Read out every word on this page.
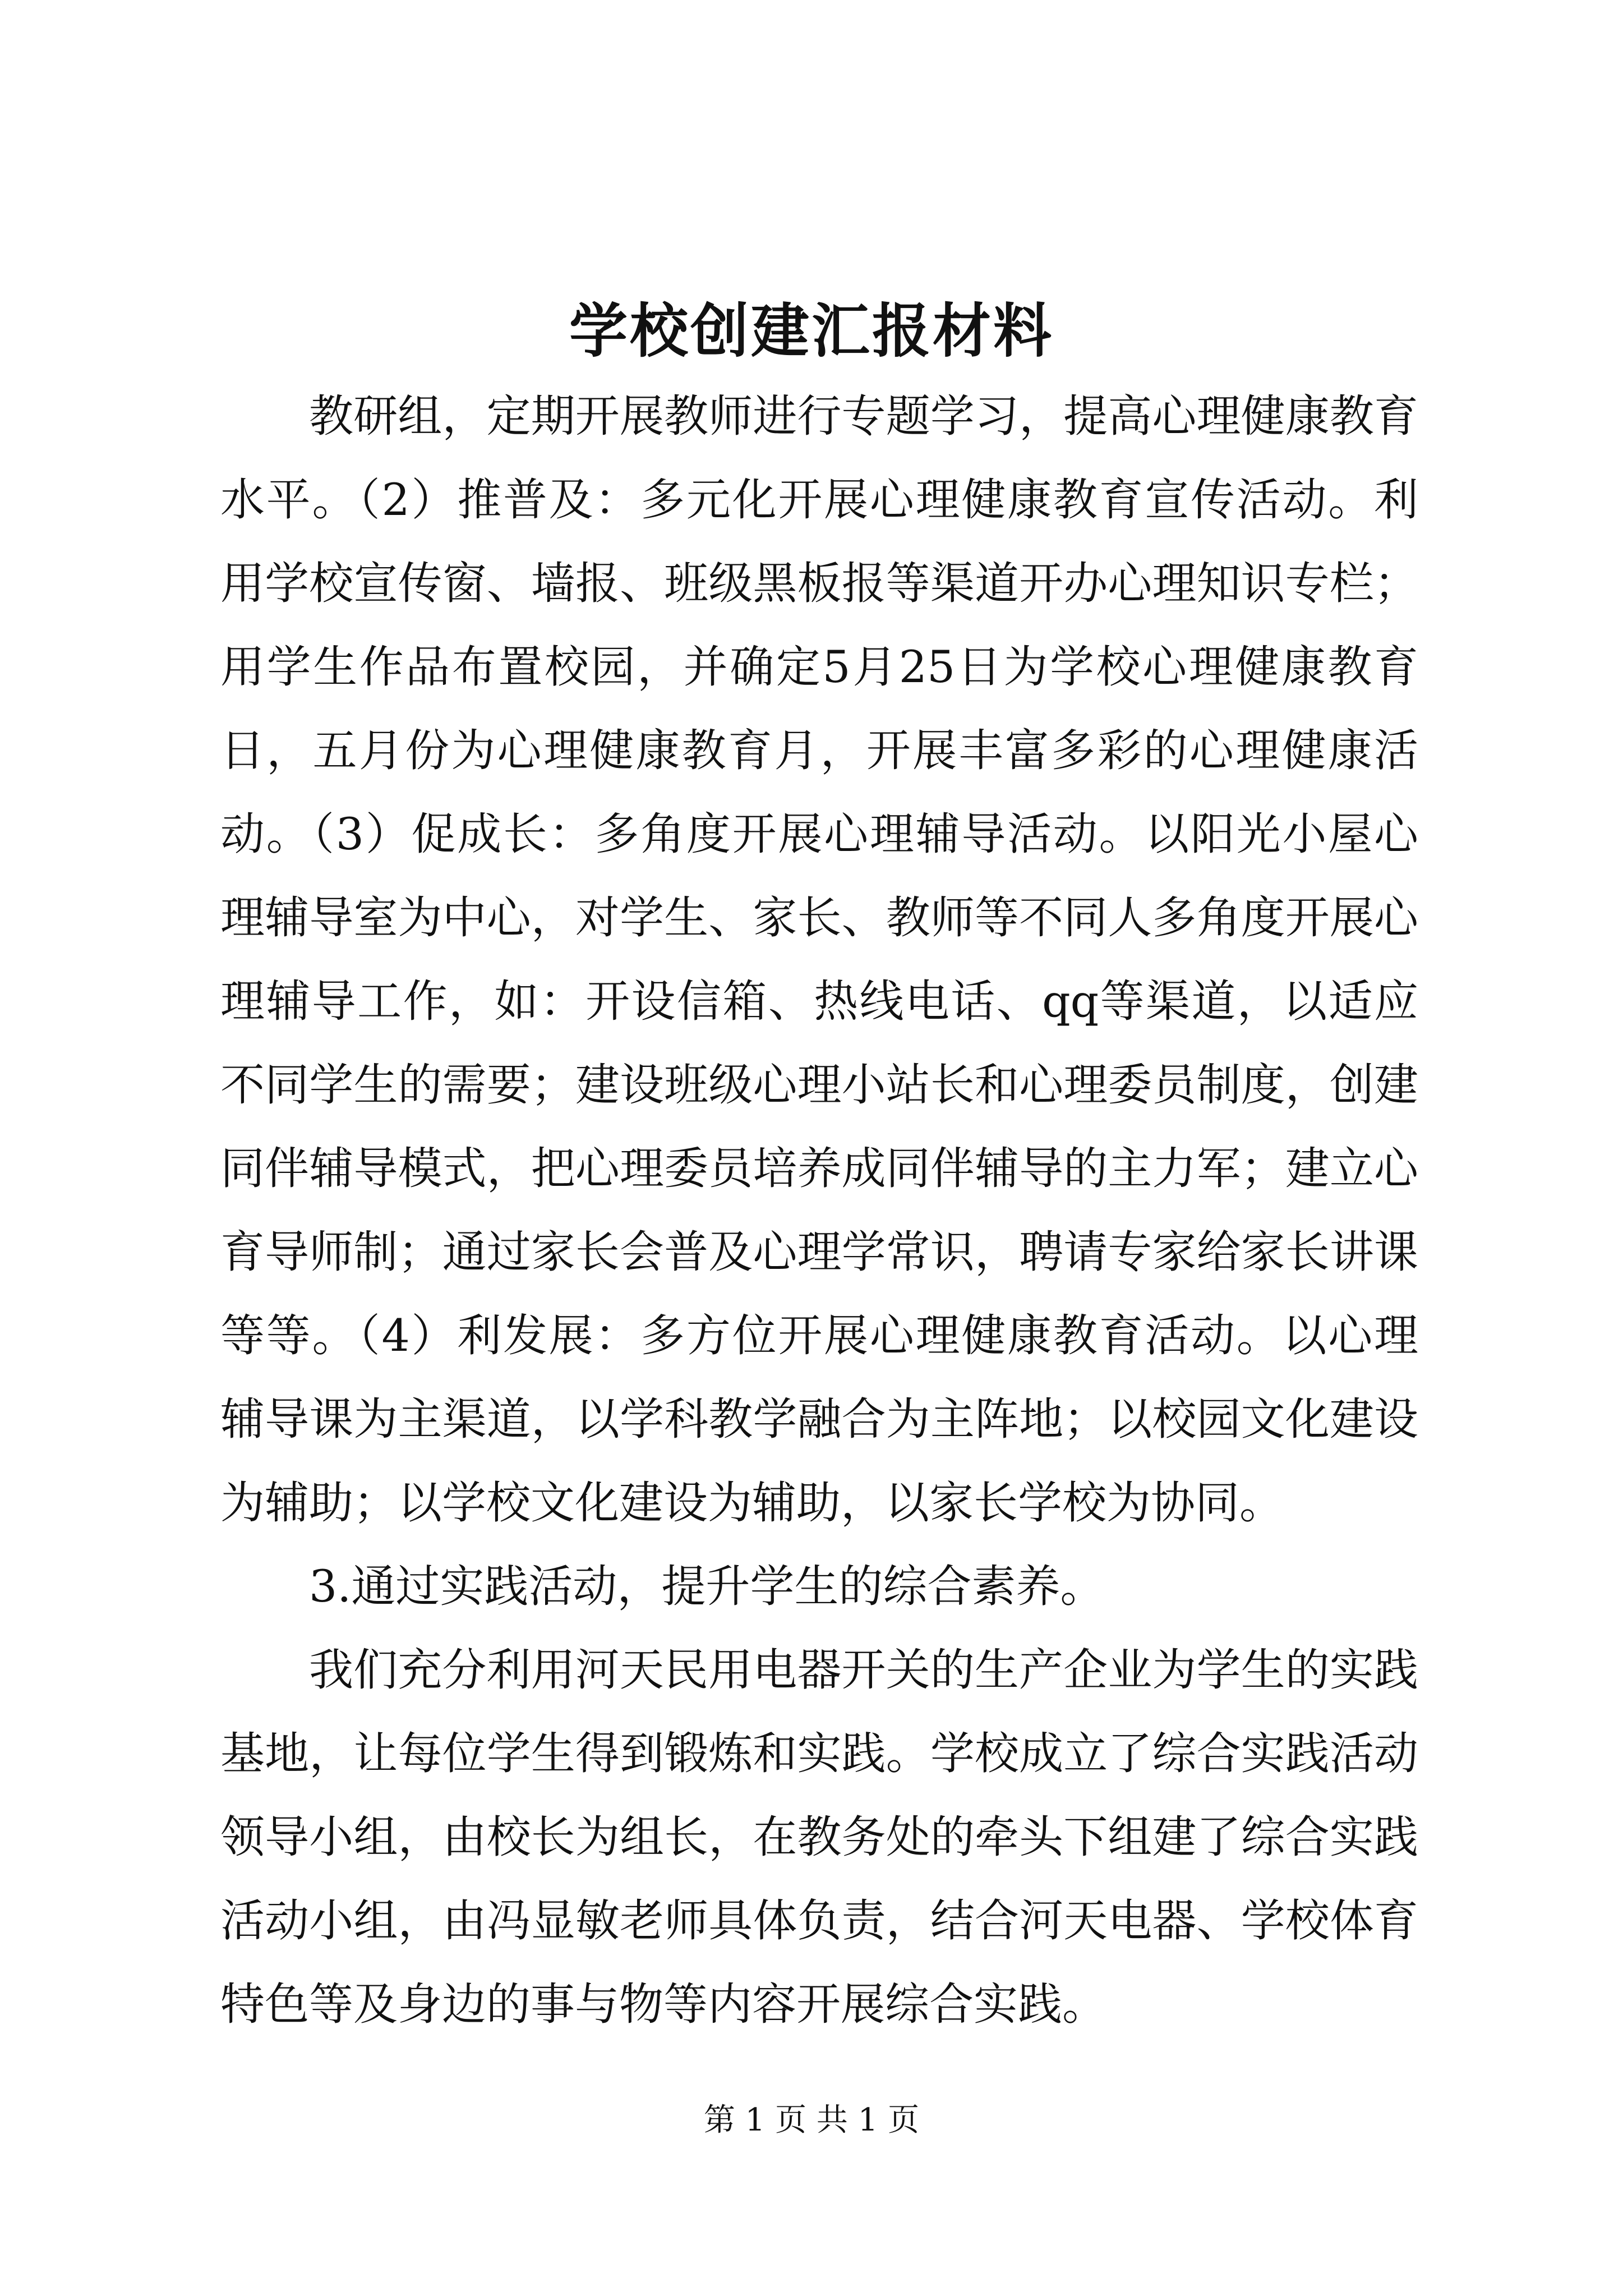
学校创建汇报材料

教研组，定期开展教师进行专题学习，提高心理健康教育水平。（2）推普及：多元化开展心理健康教育宣传活动。利用学校宣传窗、墙报、班级黑板报等渠道开办心理知识专栏；用学生作品布置校园，并确定5月25日为学校心理健康教育日，五月份为心理健康教育月，开展丰富多彩的心理健康活动。（3）促成长：多角度开展心理辅导活动。以阳光小屋心理辅导室为中心，对学生、家长、教师等不同人多角度开展心理辅导工作，如：开设信箱、热线电话、qq等渠道，以适应不同学生的需要；建设班级心理小站长和心理委员制度，创建同伴辅导模式，把心理委员培养成同伴辅导的主力军；建立心育导师制；通过家长会普及心理学常识，聘请专家给家长讲课等等。（4）利发展：多方位开展心理健康教育活动。以心理辅导课为主渠道，以学科教学融合为主阵地；以校园文化建设为辅助；以学校文化建设为辅助，以家长学校为协同。

3.通过实践活动，提升学生的综合素养。

我们充分利用河天民用电器开关的生产企业为学生的实践基地，让每位学生得到锻炼和实践。学校成立了综合实践活动领导小组，由校长为组长，在教务处的牵头下组建了综合实践活动小组，由冯显敏老师具体负责，结合河天电器、学校体育特色等及身边的事与物等内容开展综合实践。

第 1 页 共 1 页
